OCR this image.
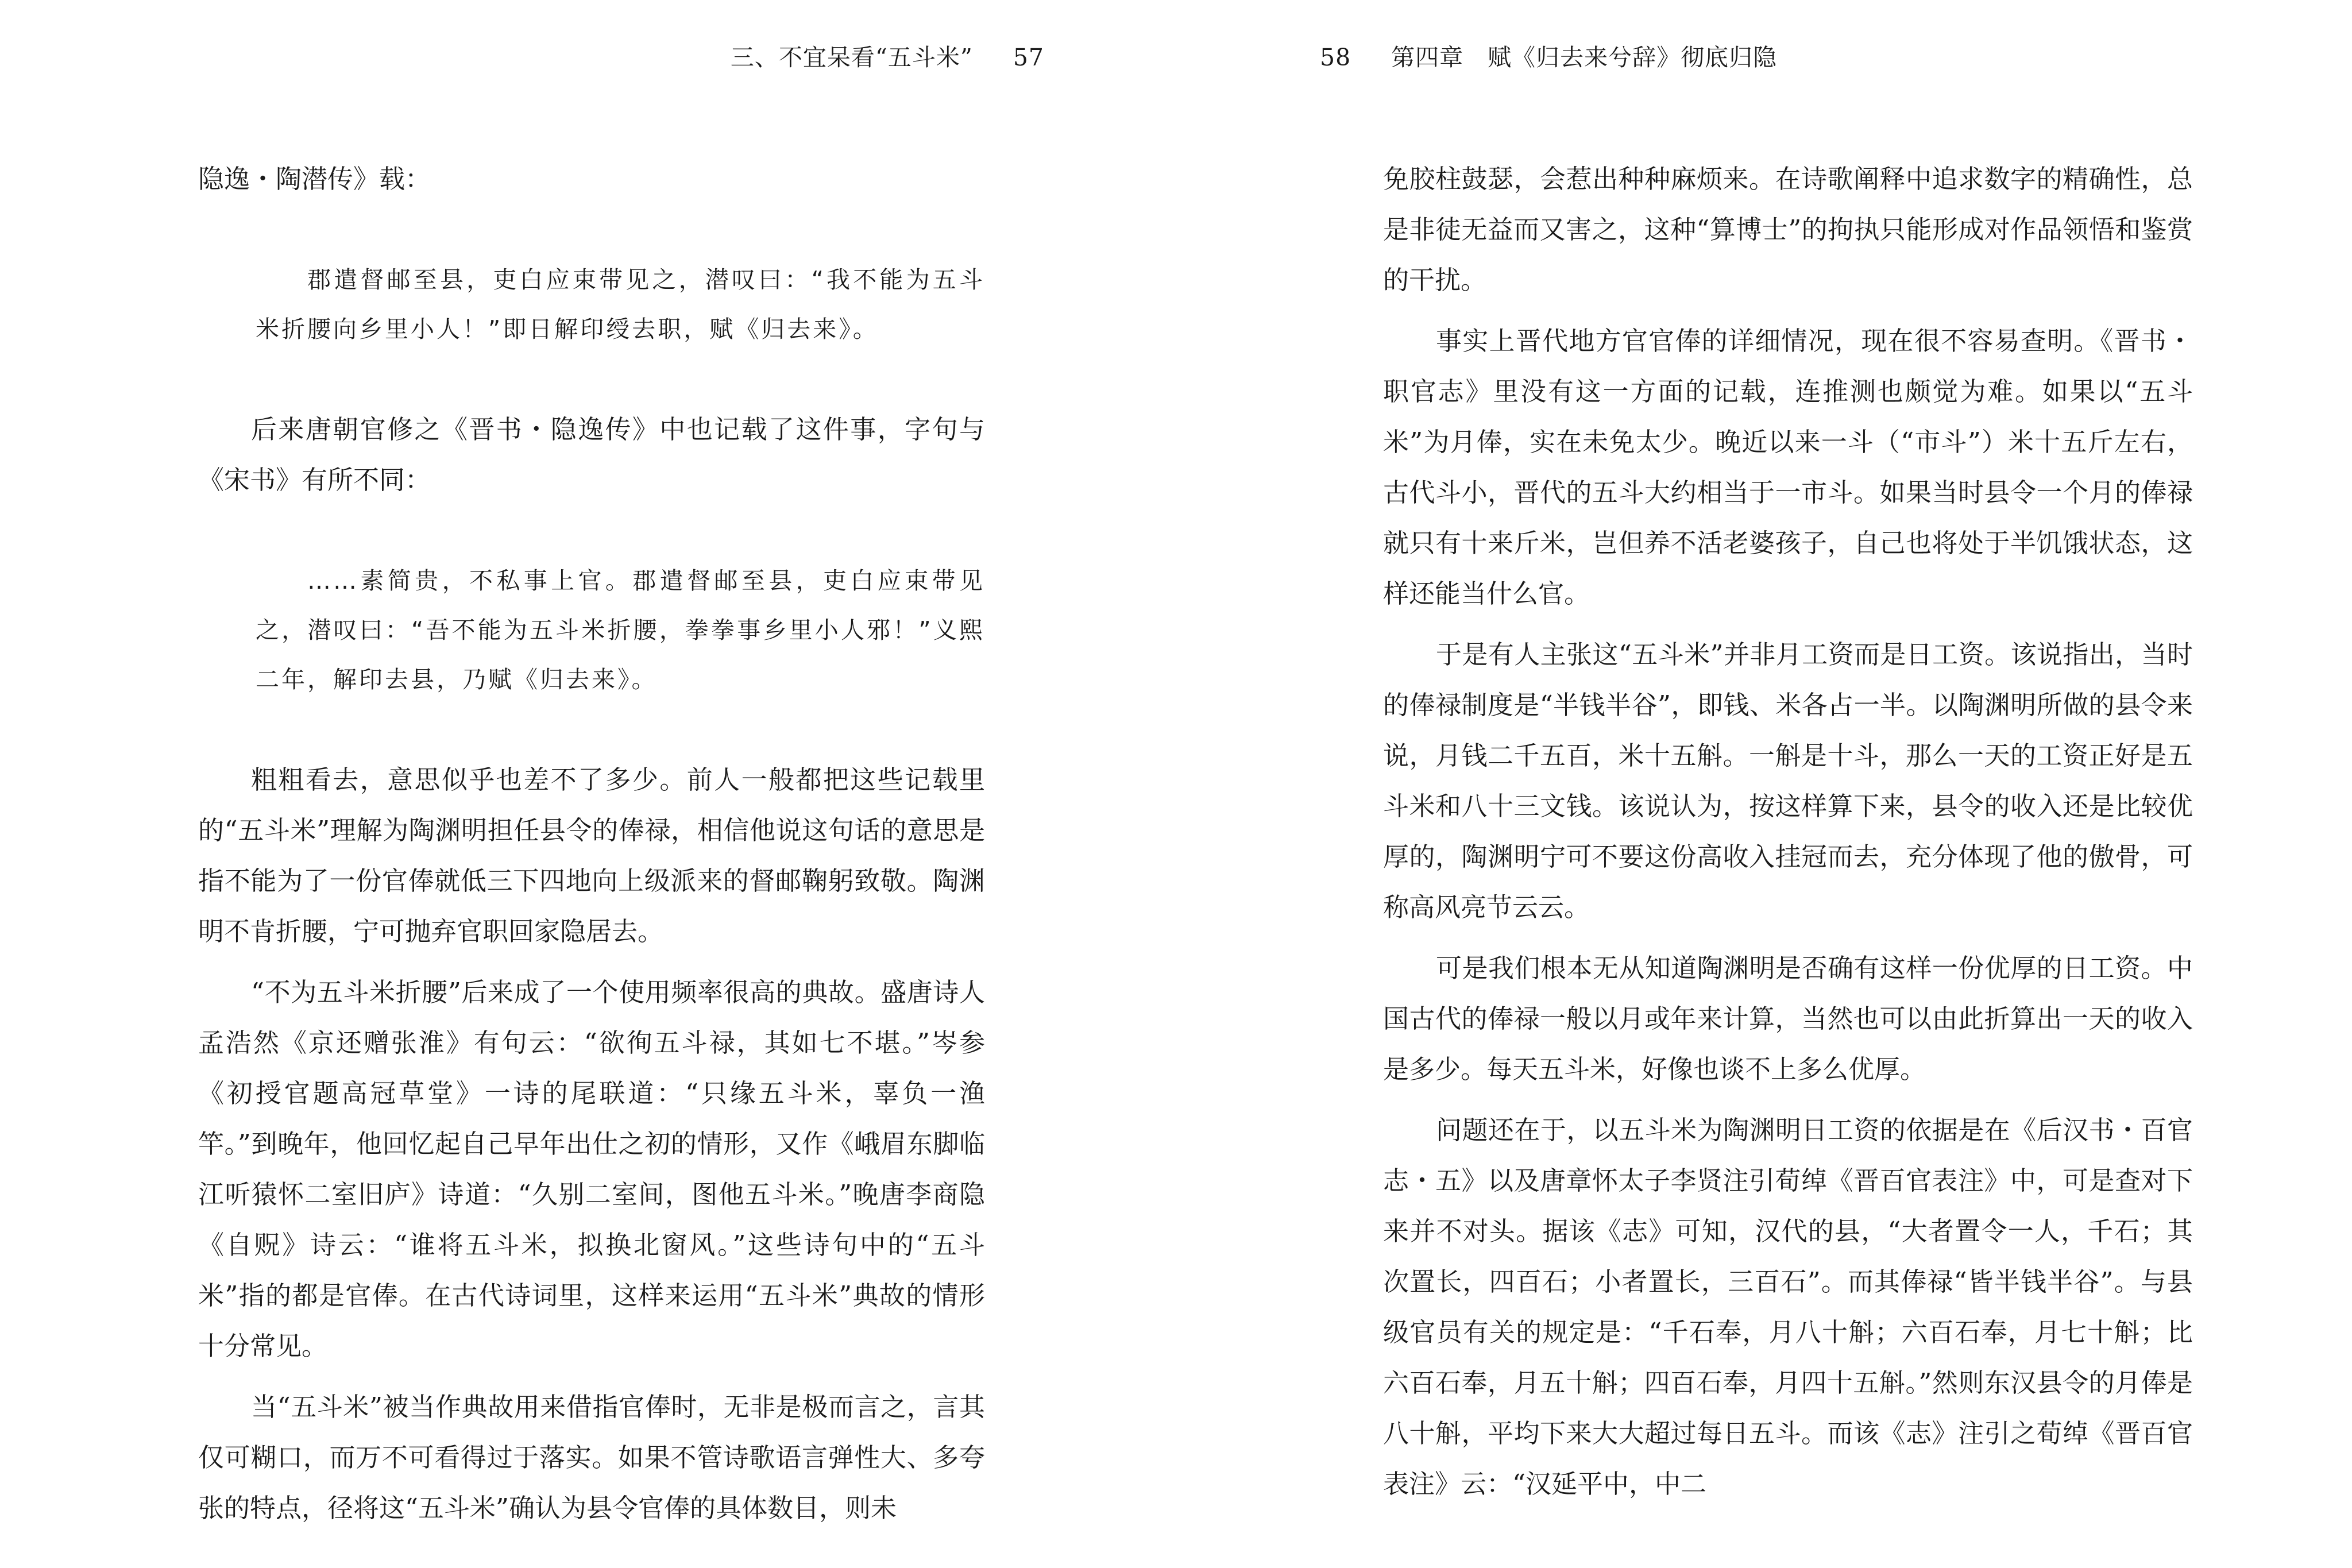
三、不宜呆看“五斗米” 57

隐逸・陶潜传》载：

郡遣督邮至县，吏白应束带见之，潜叹曰：“我不能为五斗米折腰向乡里小人！”即日解印绶去职，赋《归去来》。

后来唐朝官修之《晋书・隐逸传》中也记载了这件事，字句与《宋书》有所不同：

……素简贵，不私事上官。郡遣督邮至县，吏白应束带见之，潜叹曰：“吾不能为五斗米折腰，拳拳事乡里小人邪！”义熙二年，解印去县，乃赋《归去来》。

粗粗看去，意思似乎也差不了多少。前人一般都把这些记载里的“五斗米”理解为陶渊明担任县令的俸禄，相信他说这句话的意思是指不能为了一份官俸就低三下四地向上级派来的督邮鞠躬致敬。陶渊明不肯折腰，宁可抛弃官职回家隐居去。

“不为五斗米折腰”后来成了一个使用频率很高的典故。盛唐诗人孟浩然《京还赠张淮》有句云：“欲徇五斗禄，其如七不堪。”岑参《初授官题高冠草堂》一诗的尾联道：“只缘五斗米，辜负一渔竿。”到晚年，他回忆起自己早年出仕之初的情形，又作《峨眉东脚临江听猿怀二室旧庐》诗道：“久别二室间，图他五斗米。”晚唐李商隐《自贶》诗云：“谁将五斗米，拟换北窗风。”这些诗句中的“五斗米”指的都是官俸。在古代诗词里，这样来运用“五斗米”典故的情形十分常见。

当“五斗米”被当作典故用来借指官俸时，无非是极而言之，言其仅可糊口，而万不可看得过于落实。如果不管诗歌语言弹性大、多夸张的特点，径将这“五斗米”确认为县令官俸的具体数目，则未

58 第四章　赋《归去来兮辞》彻底归隐

免胶柱鼓瑟，会惹出种种麻烦来。在诗歌阐释中追求数字的精确性，总是非徒无益而又害之，这种“算博士”的拘执只能形成对作品领悟和鉴赏的干扰。

事实上晋代地方官官俸的详细情况，现在很不容易查明。《晋书・职官志》里没有这一方面的记载，连推测也颇觉为难。如果以“五斗米”为月俸，实在未免太少。晚近以来一斗（“市斗”）米十五斤左右，古代斗小，晋代的五斗大约相当于一市斗。如果当时县令一个月的俸禄就只有十来斤米，岂但养不活老婆孩子，自己也将处于半饥饿状态，这样还能当什么官。

于是有人主张这“五斗米”并非月工资而是日工资。该说指出，当时的俸禄制度是“半钱半谷”，即钱、米各占一半。以陶渊明所做的县令来说，月钱二千五百，米十五斛。一斛是十斗，那么一天的工资正好是五斗米和八十三文钱。该说认为，按这样算下来，县令的收入还是比较优厚的，陶渊明宁可不要这份高收入挂冠而去，充分体现了他的傲骨，可称高风亮节云云。

可是我们根本无从知道陶渊明是否确有这样一份优厚的日工资。中国古代的俸禄一般以月或年来计算，当然也可以由此折算出一天的收入是多少。每天五斗米，好像也谈不上多么优厚。

问题还在于，以五斗米为陶渊明日工资的依据是在《后汉书・百官志・五》以及唐章怀太子李贤注引荀绰《晋百官表注》中，可是查对下来并不对头。据该《志》可知，汉代的县，“大者置令一人，千石；其次置长，四百石；小者置长，三百石”。而其俸禄“皆半钱半谷”。与县级官员有关的规定是：“千石奉，月八十斛；六百石奉，月七十斛；比六百石奉，月五十斛；四百石奉，月四十五斛。”然则东汉县令的月俸是八十斛，平均下来大大超过每日五斗。而该《志》注引之荀绰《晋百官表注》云：“汉延平中，中二
